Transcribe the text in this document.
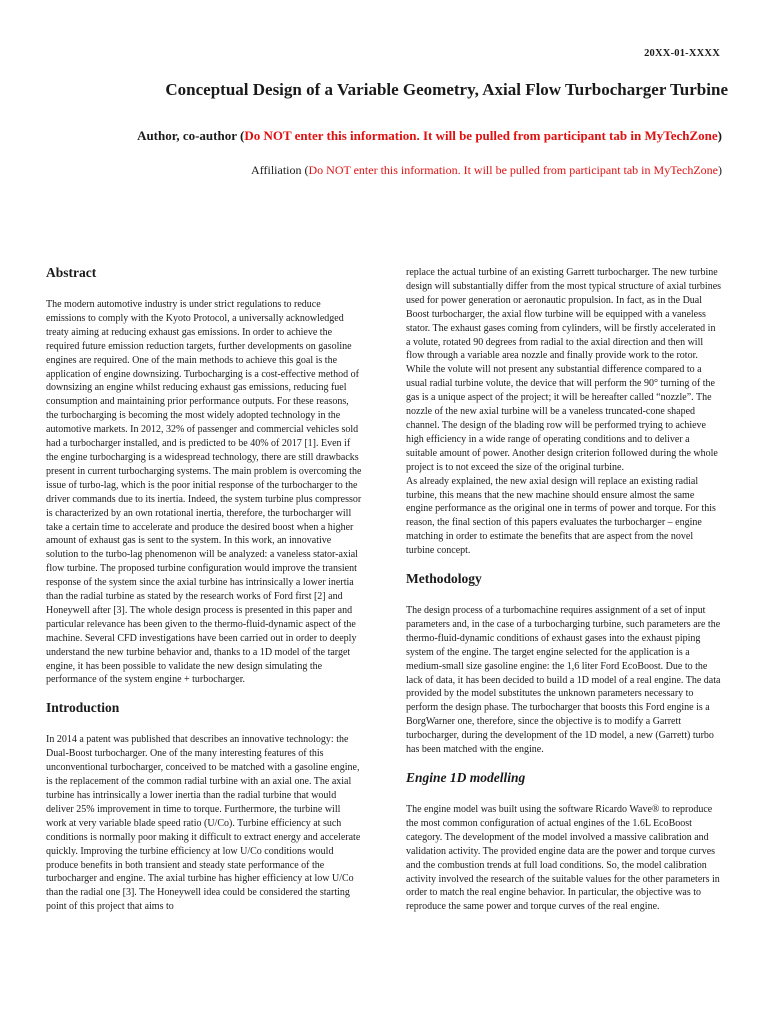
20XX-01-XXXX
Conceptual Design of a Variable Geometry, Axial Flow Turbocharger Turbine
Author, co-author (Do NOT enter this information. It will be pulled from participant tab in MyTechZone)
Affiliation (Do NOT enter this information. It will be pulled from participant tab in MyTechZone)
Abstract

The modern automotive industry is under strict regulations to reduce emissions to comply with the Kyoto Protocol, a universally acknowledged treaty aiming at reducing exhaust gas emissions. In order to achieve the required future emission reduction targets, further developments on gasoline engines are required. One of the main methods to achieve this goal is the application of engine downsizing. Turbocharging is a cost-effective method of downsizing an engine whilst reducing exhaust gas emissions, reducing fuel consumption and maintaining prior performance outputs. For these reasons, the turbocharging is becoming the most widely adopted technology in the automotive markets. In 2012, 32% of passenger and commercial vehicles sold had a turbocharger installed, and is predicted to be 40% of 2017 [1]. Even if the engine turbocharging is a widespread technology, there are still drawbacks present in current turbocharging systems. The main problem is overcoming the issue of turbo-lag, which is the poor initial response of the turbocharger to the driver commands due to its inertia. Indeed, the system turbine plus compressor is characterized by an own rotational inertia, therefore, the turbocharger will take a certain time to accelerate and produce the desired boost when a higher amount of exhaust gas is sent to the system. In this work, an innovative solution to the turbo-lag phenomenon will be analyzed: a vaneless stator-axial flow turbine. The proposed turbine configuration would improve the transient response of the system since the axial turbine has intrinsically a lower inertia than the radial turbine as stated by the research works of Ford first [2] and Honeywell after [3]. The whole design process is presented in this paper and particular relevance has been given to the thermo-fluid-dynamic aspect of the machine. Several CFD investigations have been carried out in order to deeply understand the new turbine behavior and, thanks to a 1D model of the target engine, it has been possible to validate the new design simulating the performance of the system engine + turbocharger.

Introduction

In 2014 a patent was published that describes an innovative technology: the Dual-Boost turbocharger. One of the many interesting features of this unconventional turbocharger, conceived to be matched with a gasoline engine, is the replacement of the common radial turbine with an axial one. The axial turbine has intrinsically a lower inertia than the radial turbine that would deliver 25% improvement in time to torque. Furthermore, the turbine will work at very variable blade speed ratio (U/Co). Turbine efficiency at such conditions is normally poor making it difficult to extract energy and accelerate quickly. Improving the turbine efficiency at low U/Co conditions would produce benefits in both transient and steady state performance of the turbocharger and engine. The axial turbine has higher efficiency at low U/Co than the radial one [3]. The Honeywell idea could be considered the starting point of this project that aims to

replace the actual turbine of an existing Garrett turbocharger. The new turbine design will substantially differ from the most typical structure of axial turbines used for power generation or aeronautic propulsion. In fact, as in the Dual Boost turbocharger, the axial flow turbine will be equipped with a vaneless stator. The exhaust gases coming from cylinders, will be firstly accelerated in a volute, rotated 90 degrees from radial to the axial direction and then will flow through a variable area nozzle and finally provide work to the rotor. While the volute will not present any substantial difference compared to a usual radial turbine volute, the device that will perform the 90° turning of the gas is a unique aspect of the project; it will be hereafter called “nozzle”. The nozzle of the new axial turbine will be a vaneless truncated-cone shaped channel. The design of the blading row will be performed trying to achieve high efficiency in a wide range of operating conditions and to deliver a suitable amount of power. Another design criterion followed during the whole project is to not exceed the size of the original turbine.

As already explained, the new axial design will replace an existing radial turbine, this means that the new machine should ensure almost the same engine performance as the original one in terms of power and torque. For this reason, the final section of this papers evaluates the turbocharger – engine matching in order to estimate the benefits that are aspect from the novel turbine concept.

Methodology

The design process of a turbomachine requires assignment of a set of input parameters and, in the case of a turbocharging turbine, such parameters are the thermo-fluid-dynamic conditions of exhaust gases into the exhaust piping system of the engine. The target engine selected for the application is a medium-small size gasoline engine: the 1,6 liter Ford EcoBoost. Due to the lack of data, it has been decided to build a 1D model of a real engine. The data provided by the model substitutes the unknown parameters necessary to perform the design phase. The turbocharger that boosts this Ford engine is a BorgWarner one, therefore, since the objective is to modify a Garrett turbocharger, during the development of the 1D model, a new (Garrett) turbo has been matched with the engine.

Engine 1D modelling

The engine model was built using the software Ricardo Wave® to reproduce the most common configuration of actual engines of the 1.6L EcoBoost category. The development of the model involved a massive calibration and validation activity. The provided engine data are the power and torque curves and the combustion trends at full load conditions. So, the model calibration activity involved the research of the suitable values for the other parameters in order to match the real engine behavior. In particular, the objective was to reproduce the same power and torque curves of the real engine.
